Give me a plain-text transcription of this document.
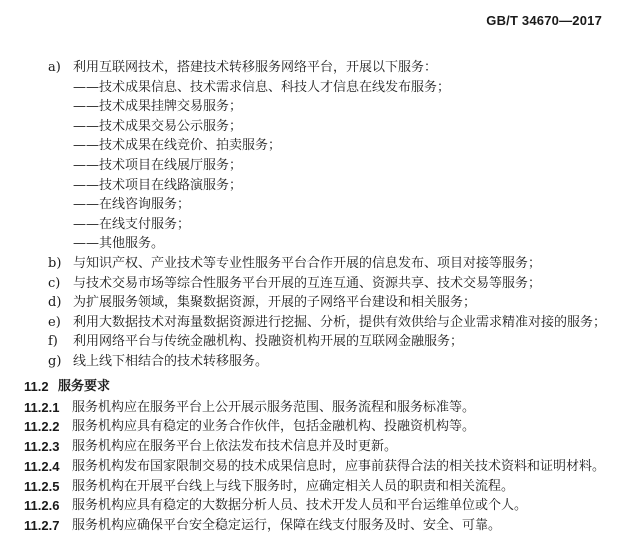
GB/T 34670—2017
a) 利用互联网技术，搭建技术转移服务网络平台，开展以下服务：
——技术成果信息、技术需求信息、科技人才信息在线发布服务；
——技术成果挂牌交易服务；
——技术成果交易公示服务；
——技术成果在线竞价、拍卖服务；
——技术项目在线展厅服务；
——技术项目在线路演服务；
——在线咨询服务；
——在线支付服务；
——其他服务。
b) 与知识产权、产业技术等专业性服务平台合作开展的信息发布、项目对接等服务；
c) 与技术交易市场等综合性服务平台开展的互连互通、资源共享、技术交易等服务；
d) 为扩展服务领域，集聚数据资源，开展的子网络平台建设和相关服务；
e) 利用大数据技术对海量数据资源进行挖掘、分析，提供有效供给与企业需求精准对接的服务；
f) 利用网络平台与传统金融机构、投融资机构开展的互联网金融服务；
g) 线上线下相结合的技术转移服务。
11.2 服务要求
11.2.1 服务机构应在服务平台上公开展示服务范围、服务流程和服务标准等。
11.2.2 服务机构应具有稳定的业务合作伙伴，包括金融机构、投融资机构等。
11.2.3 服务机构应在服务平台上依法发布技术信息并及时更新。
11.2.4 服务机构发布国家限制交易的技术成果信息时，应事前获得合法的相关技术资料和证明材料。
11.2.5 服务机构在开展平台线上与线下服务时，应确定相关人员的职责和相关流程。
11.2.6 服务机构应具有稳定的大数据分析人员、技术开发人员和平台运维单位或个人。
11.2.7 服务机构应确保平台安全稳定运行，保障在线支付服务及时、安全、可靠。
